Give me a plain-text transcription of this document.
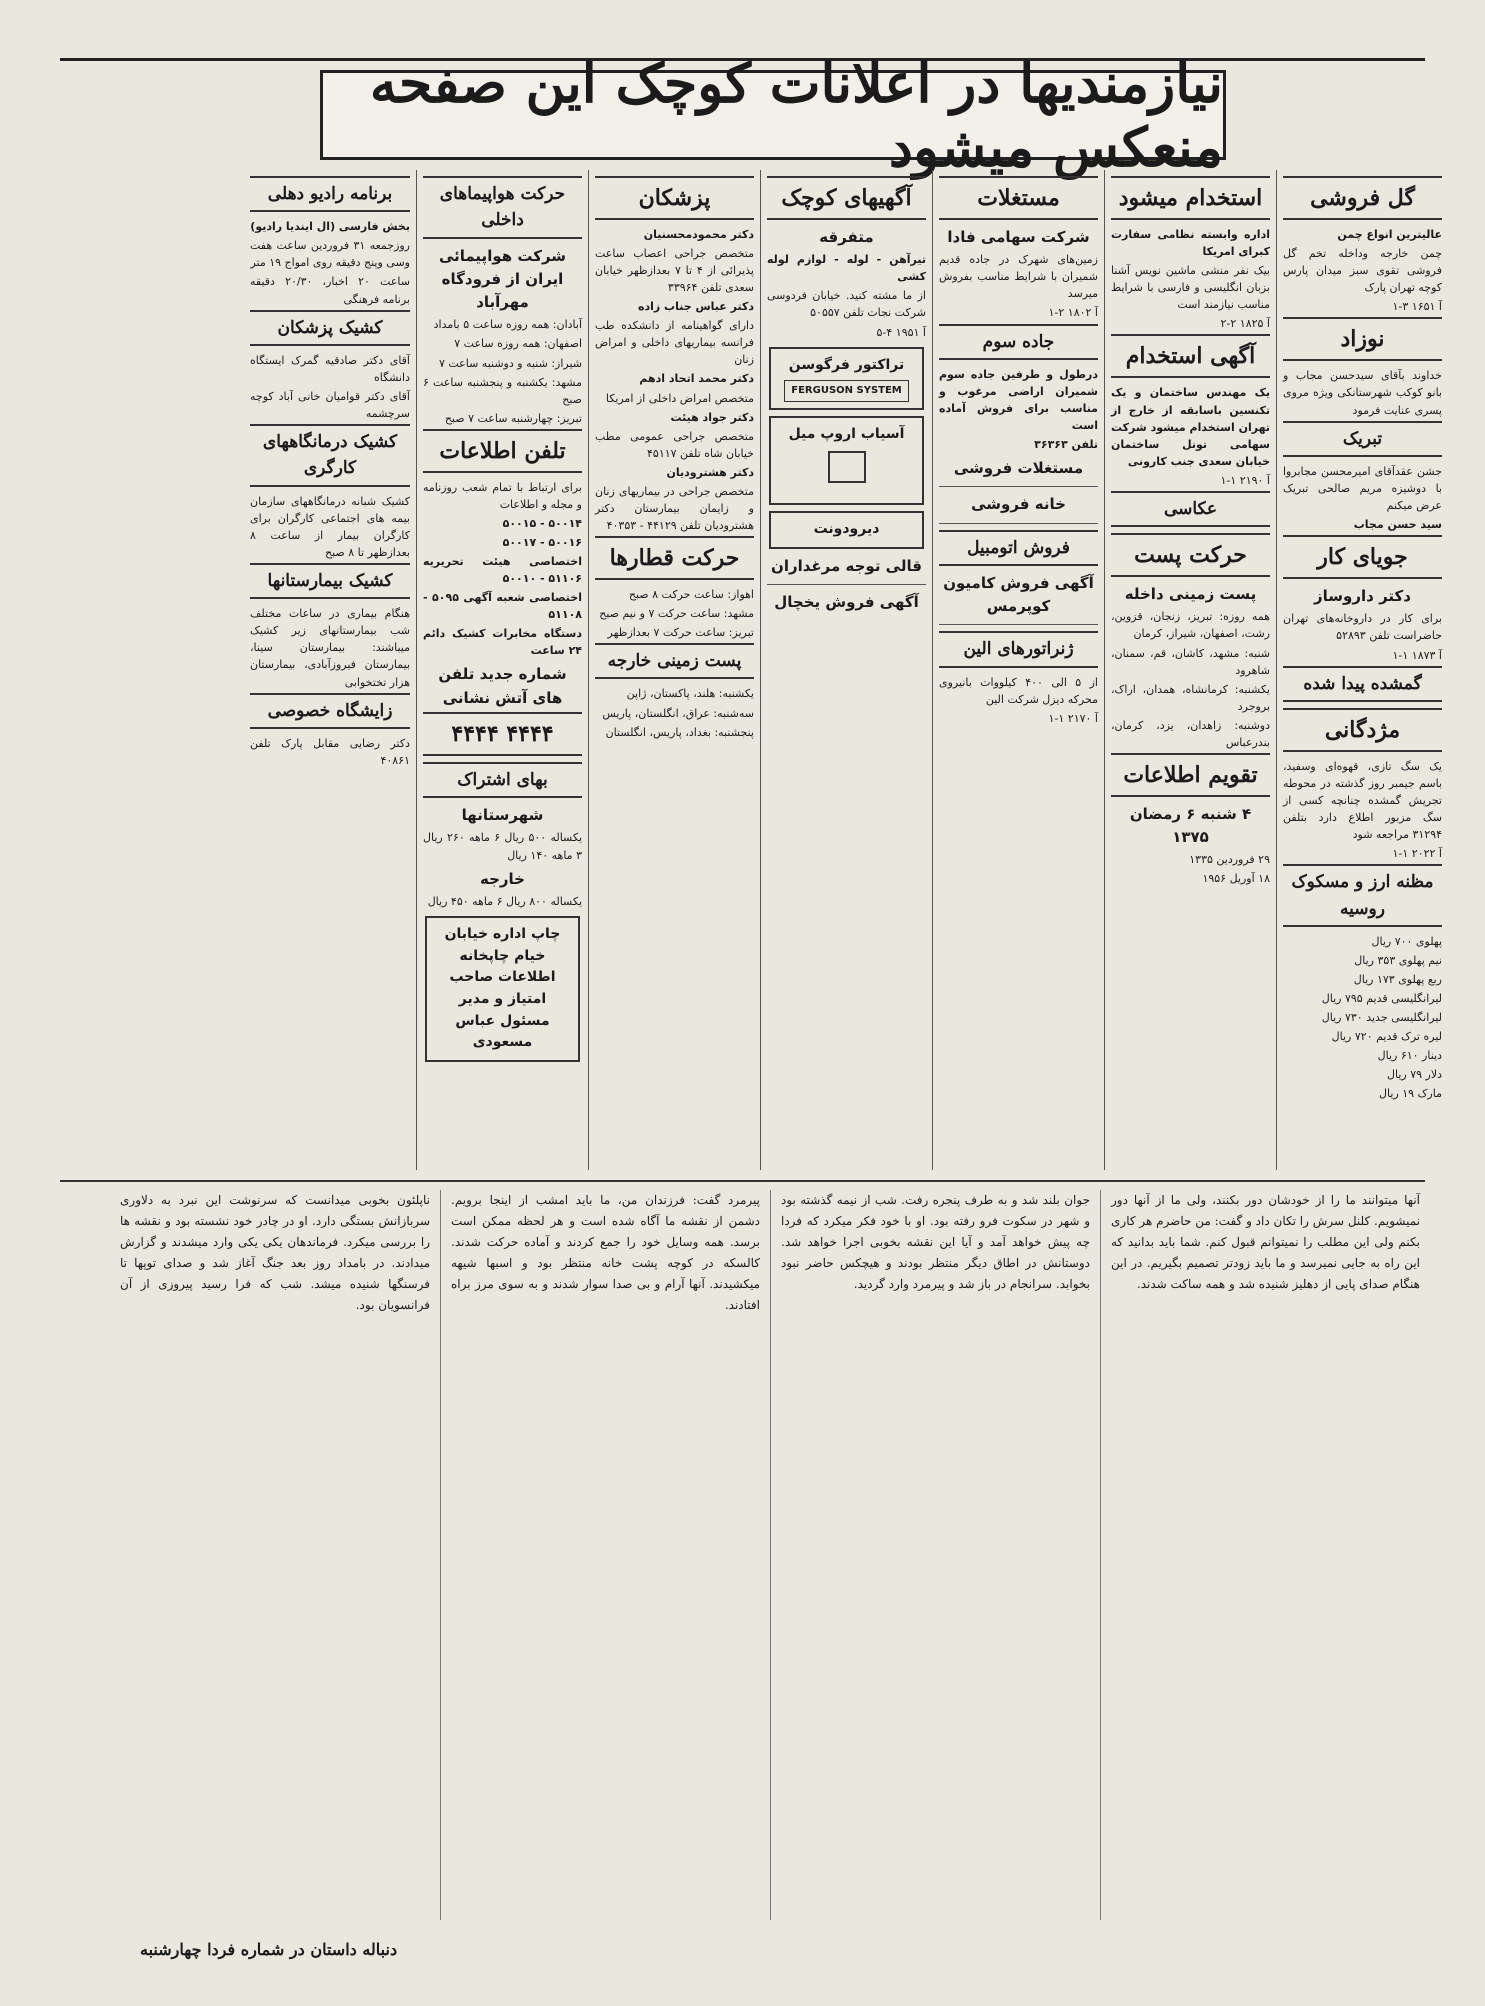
نیازمندیها در اعلانات کوچک این صفحه منعکس میشود
گل فروشی
عالیترین انواع چمن
چمن خارجه وداخله تخم گل فروشی تقوی سبز میدان پارس کوچه تهران پارک
آ ۱۶۵۱ ۳-۱
نوزاد
خداوند بآقای سیدحسن مجاب و بانو کوکب شهرستانکی ویژه مروی پسری عنایت فرمود
تبریک
جشن عقدآقای امیرمحسن مجابروا با دوشیزه مریم صالحی تبریک عرض میکنم
سید حسن مجاب
جویای کار
دکتر داروساز
برای کار در داروخانه‌های تهران حاضراست تلفن ۵۲۸۹۳
آ ۱۸۷۳ ۱-۱
گمشده پیدا شده
مژدگانی
یک سگ تازی، قهوه‌ای وسفید، باسم جیمبر روز گذشته در محوطه تجریش گمشده چنانچه کسی از سگ مزبور اطلاع دارد بتلفن ۳۱۲۹۴ مراجعه شود
آ ۲۰۲۲ ۱-۱
مظنه ارز و مسکوک روسیه
پهلوی ۷۰۰ ریال
نیم پهلوی ۳۵۳ ریال
ربع پهلوی ۱۷۳ ریال
لیرانگلیسی قدیم ۷۹۵ ریال
لیرانگلیسی جدید ۷۳۰ ریال
لیره ترک قدیم ۷۲۰ ریال
دینار ۶۱۰ ریال
دلار ۷۹ ریال
مارک ۱۹ ریال
استخدام میشود
اداره وابسته نظامی سفارت کبرای امریکا
بیک نفر منشی ماشین نویس آشنا بزبان انگلیسی و فارسی با شرایط مناسب نیازمند است
آ ۱۸۲۵ ۲-۲
آگهی استخدام
یک مهندس ساختمان و یک تکنسین باسابقه از خارج از تهران استخدام میشود شرکت سهامی تونل ساختمان خیابان سعدی جنب کارونی
آ ۲۱۹۰ ۱-۱
عکاسی
حرکت پست
پست زمینی داخله
همه روزه: تبریز، زنجان، قزوین، رشت، اصفهان، شیراز، کرمان
شنبه: مشهد، کاشان، قم، سمنان، شاهرود
یکشنبه: کرمانشاه، همدان، اراک، بروجرد
دوشنبه: زاهدان، یزد، کرمان، بندرعباس
تقویم اطلاعات
۴ شنبه ۶ رمضان ۱۳۷۵
۲۹ فروردین ۱۳۳۵
۱۸ آوریل ۱۹۵۶
مستغلات
شرکت سهامی فادا
زمین‌های شهرک در جاده قدیم شمیران با شرایط مناسب بفروش میرسد
آ ۱۸۰۲ ۲-۱
جاده سوم
درطول و طرفین جاده سوم شمیران اراضی مرغوب و مناسب برای فروش آماده است
تلفن ۳۶۳۶۳
مستغلات فروشی
خانه فروشی
فروش اتومبیل
آگهی فروش کامیون کوپرمس
ژنراتورهای الین
از ۵ الی ۴۰۰ کیلووات بانیروی محرکه دیزل شرکت الین
آ ۲۱۷۰ ۱-۱
آگهیهای کوچک
متفرقه
تیرآهن - لوله - لوازم لوله کشی
از ما مشته کنید. خیابان فردوسی شرکت نجات تلفن ۵۰۵۵۷
آ ۱۹۵۱ ۴-۵
تراکتور فرگوسن
FERGUSON SYSTEM
آسیاب اروپ میل
دیرودونت
قالی توجه مرغداران
آگهی فروش یخچال
پزشکان
دکتر محمودمحسنیان
متخصص جراحی اعصاب ساعت پذیرائی از ۴ تا ۷ بعدازظهر خیابان سعدی تلفن ۳۳۹۶۴
دکتر عباس جناب زاده
دارای گواهینامه از دانشکده طب فرانسه بیماریهای داخلی و امراض زنان
دکتر محمد اتحاد ادهم
متخصص امراض داخلی از امریکا
دکتر جواد هیئت
متخصص جراحی عمومی مطب خیابان شاه تلفن ۴۵۱۱۷
دکتر هشترودیان
متخصص جراحی در بیماریهای زنان و زایمان بیمارستان دکتر هشترودیان تلفن ۴۴۱۲۹ - ۴۰۳۵۳
حرکت قطارها
اهواز: ساعت حرکت ۸ صبح
مشهد: ساعت حرکت ۷ و نیم صبح
تبریز: ساعت حرکت ۷ بعدازظهر
پست زمینی خارجه
یکشنبه: هلند، پاکستان، ژاپن
سه‌شنبه: عراق، انگلستان، پاریس
پنجشنبه: بغداد، پاریس، انگلستان
حرکت هواپیماهای داخلی
شرکت هواپیمائی ایران از فرودگاه مهرآباد
آبادان: همه روزه ساعت ۵ بامداد
اصفهان: همه روزه ساعت ۷
شیراز: شنبه و دوشنبه ساعت ۷
مشهد: یکشنبه و پنجشنبه ساعت ۶ صبح
تبریز: چهارشنبه ساعت ۷ صبح
تلفن اطلاعات
برای ارتباط با تمام شعب روزنامه و مجله و اطلاعات
۵۰۰۱۴ - ۵۰۰۱۵
۵۰۰۱۶ - ۵۰۰۱۷
اختصاصی هیئت تحریریه ۵۱۱۰۶ - ۵۰۰۱۰
اختصاصی شعبه آگهی ۵۰۹۵ - ۵۱۱۰۸
دستگاه مخابرات کشیک دائم ۲۴ ساعت
شماره جدید تلفن های آتش نشانی
۴۴۴۴ ۴۴۴۴
بهای اشتراک
شهرستانها
یکساله ۵۰۰ ریال ۶ ماهه ۲۶۰ ریال ۳ ماهه ۱۴۰ ریال
خارجه
یکساله ۸۰۰ ریال ۶ ماهه ۴۵۰ ریال
چاپ اداره خیابان خیام چاپخانه اطلاعات صاحب امتیاز و مدیر مسئول عباس مسعودی
برنامه رادیو دهلی
بخش فارسی (ال ایندیا رادیو)
روزجمعه ۳۱ فروردین ساعت هفت وسی وپنج دقیقه روی امواج ۱۹ متر
ساعت ۲۰ اخبار، ۲۰/۳۰ دقیقه برنامه فرهنگی
کشیک پزشکان
آقای دکتر صادقیه گمرک ایستگاه دانشگاه
آقای دکتر قوامیان خانی آباد کوچه سرچشمه
کشیک درمانگاههای کارگری
کشیک شبانه درمانگاههای سازمان بیمه های اجتماعی کارگران برای کارگران بیمار از ساعت ۸ بعدازظهر تا ۸ صبح
کشیک بیمارستانها
هنگام بیماری در ساعات مختلف شب بیمارستانهای زیر کشیک میباشند: بیمارستان سینا، بیمارستان فیروزآبادی، بیمارستان هزار تختخوابی
زایشگاه خصوصی
دکتر رضایی مقابل پارک تلفن ۴۰۸۶۱
آنها میتوانند ما را از خودشان دور بکنند، ولی ما از آنها دور نمیشویم. کلنل سرش را تکان داد و گفت: من حاضرم هر کاری بکنم ولی این مطلب را نمیتوانم قبول کنم. شما باید بدانید که این راه به جایی نمیرسد و ما باید زودتر تصمیم بگیریم. در این هنگام صدای پایی از دهلیز شنیده شد و همه ساکت شدند.
جوان بلند شد و به طرف پنجره رفت. شب از نیمه گذشته بود و شهر در سکوت فرو رفته بود. او با خود فکر میکرد که فردا چه پیش خواهد آمد و آیا این نقشه بخوبی اجرا خواهد شد. دوستانش در اطاق دیگر منتظر بودند و هیچکس حاضر نبود بخوابد. سرانجام در باز شد و پیرمرد وارد گردید.
پیرمرد گفت: فرزندان من، ما باید امشب از اینجا برویم. دشمن از نقشه ما آگاه شده است و هر لحظه ممکن است برسد. همه وسایل خود را جمع کردند و آماده حرکت شدند. کالسکه در کوچه پشت خانه منتظر بود و اسبها شیهه میکشیدند. آنها آرام و بی صدا سوار شدند و به سوی مرز براه افتادند.
ناپلئون بخوبی میدانست که سرنوشت این نبرد به دلاوری سربازانش بستگی دارد. او در چادر خود نشسته بود و نقشه ها را بررسی میکرد. فرماندهان یکی یکی وارد میشدند و گزارش میدادند. در بامداد روز بعد جنگ آغاز شد و صدای توپها تا فرسنگها شنیده میشد. شب که فرا رسید پیروزی از آن فرانسویان بود.
دنباله داستان در شماره فردا چهارشنبه
